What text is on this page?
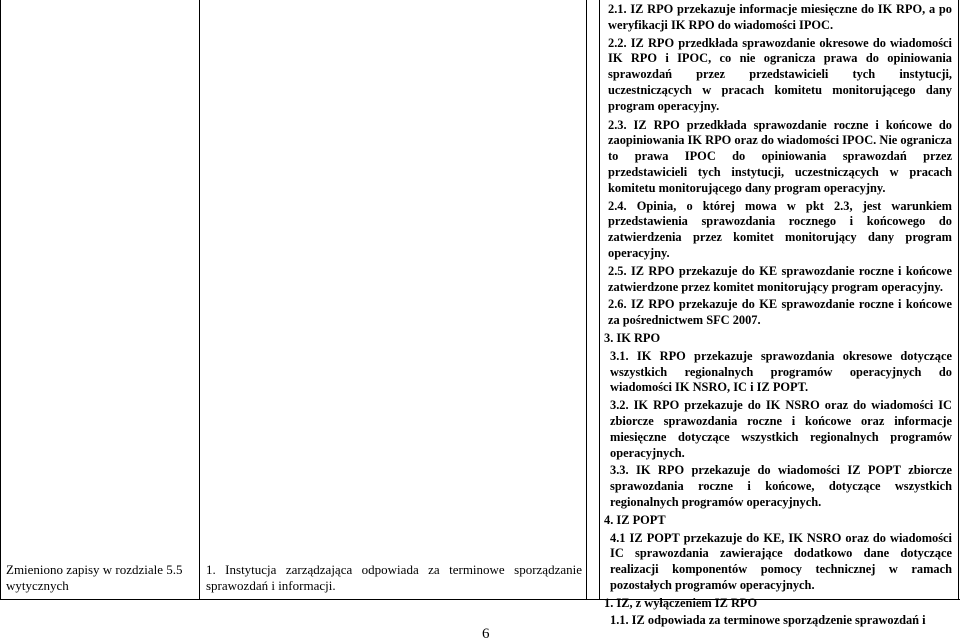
Zmieniono zapisy w rozdziale 5.5 wytycznych
1. Instytucja zarządzająca odpowiada za terminowe sporządzanie sprawozdań i informacji.

2.1. IZ RPO przekazuje informacje miesięczne do IK RPO, a po weryfikacji IK RPO do wiadomości IPOC.

2.2. IZ RPO przedkłada sprawozdanie okresowe do wiadomości IK RPO i IPOC, co nie ogranicza prawa do opiniowania sprawozdań przez przedstawicieli tych instytucji, uczestniczących w pracach komitetu monitorującego dany program operacyjny.

2.3. IZ RPO przedkłada sprawozdanie roczne i końcowe do zaopiniowania IK RPO oraz do wiadomości IPOC. Nie ogranicza to prawa IPOC do opiniowania sprawozdań przez przedstawicieli tych instytucji, uczestniczących w pracach komitetu monitorującego dany program operacyjny.

2.4. Opinia, o której mowa w pkt 2.3, jest warunkiem przedstawienia sprawozdania rocznego i końcowego do zatwierdzenia przez komitet monitorujący dany program operacyjny.

2.5. IZ RPO przekazuje do KE sprawozdanie roczne i końcowe zatwierdzone przez komitet monitorujący program operacyjny.

2.6. IZ RPO przekazuje do KE sprawozdanie roczne i końcowe za pośrednictwem SFC 2007.

3. IK RPO

3.1. IK RPO przekazuje sprawozdania okresowe dotyczące wszystkich regionalnych programów operacyjnych do wiadomości IK NSRO, IC i IZ POPT.

3.2. IK RPO przekazuje do IK NSRO oraz do wiadomości IC zbiorcze sprawozdania roczne i końcowe oraz informacje miesięczne dotyczące wszystkich regionalnych programów operacyjnych.

3.3. IK RPO przekazuje do wiadomości IZ POPT zbiorcze sprawozdania roczne i końcowe, dotyczące wszystkich regionalnych programów operacyjnych.

4. IZ POPT

4.1 IZ POPT przekazuje do KE, IK NSRO oraz do wiadomości IC sprawozdania zawierające dodatkowo dane dotyczące realizacji komponentów pomocy technicznej w ramach pozostałych programów operacyjnych.

1. IZ, z wyłączeniem IZ RPO

1.1. IZ odpowiada za terminowe sporządzenie sprawozdań i

6
